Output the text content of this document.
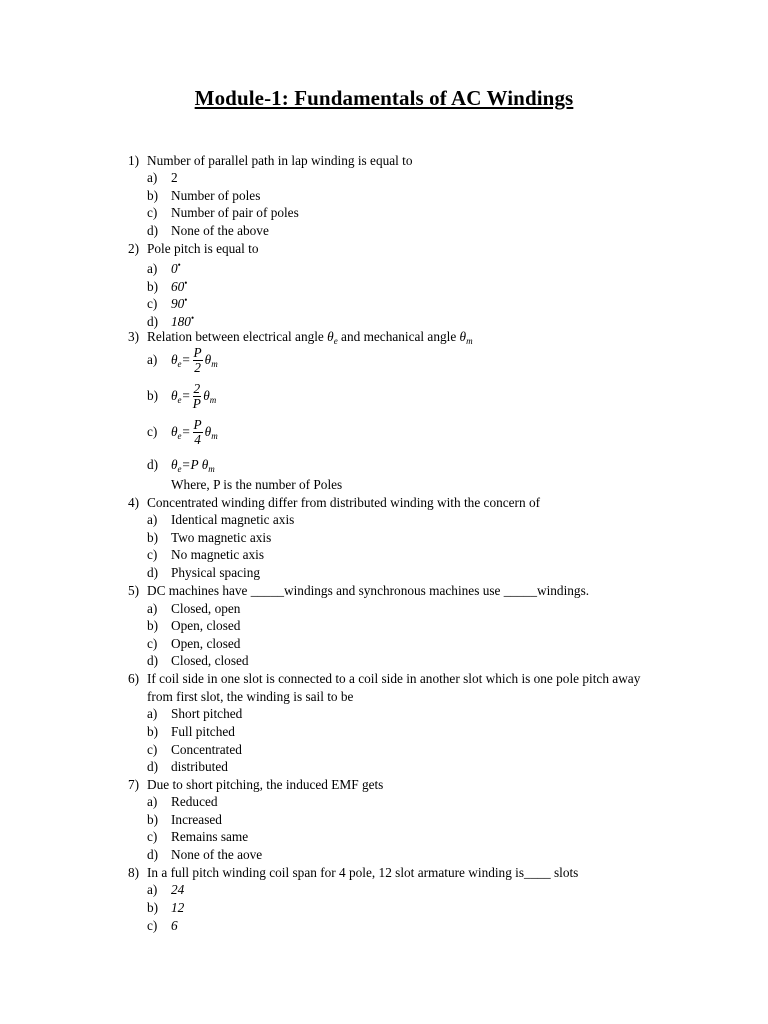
Module-1: Fundamentals of AC Windings
1) Number of parallel path in lap winding is equal to
a) 2
b) Number of poles
c) Number of pair of poles
d) None of the above
2) Pole pitch is equal to
a) 0•
b) 60•
c) 90•
d) 180•
3) Relation between electrical angle $\theta_e$ and mechanical angle $\theta_m$
a) $\theta_e= \frac{P}{2} \theta_m$
b) $\theta_e= \frac{2}{P} \theta_m$
c) $\theta_e= \frac{P}{4} \theta_m$
d) $\theta_e=P$ $\theta_m$
Where, P is the number of Poles
4) Concentrated winding differ from distributed winding with the concern of
a) Identical magnetic axis
b) Two magnetic axis
c) No magnetic axis
d) Physical spacing
5) DC machines have _____windings and synchronous machines use _____windings.
a) Closed, open
b) Open, closed
c) Open, closed
d) Closed, closed
6) If coil side in one slot is connected to a coil side in another slot which is one pole pitch away
from first slot, the winding is sail to be
a) Short pitched
b) Full pitched
c) Concentrated
d) distributed
7) Due to short pitching, the induced EMF gets
a) Reduced
b) Increased
c) Remains same
d) None of the aove
8) In a full pitch winding coil span for 4 pole, 12 slot armature winding is____ slots
a) 24
b) 12
c) 6
